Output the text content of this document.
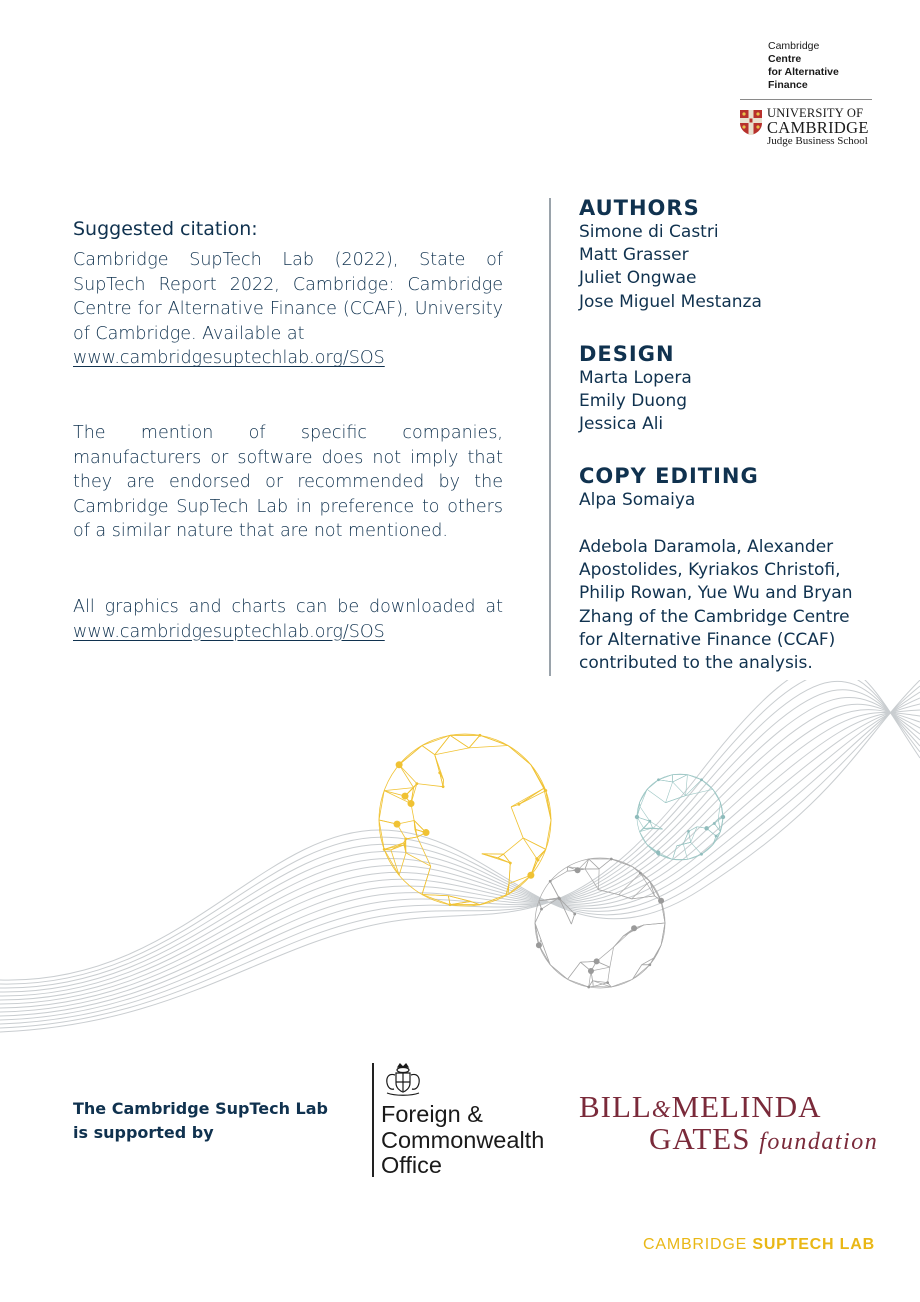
Cambridge
Centre
for Alternative
Finance
UNIVERSITY OF
CAMBRIDGE
Judge Business School
Suggested citation:
Cambridge SupTech Lab (2022), State of SupTech Report 2022, Cambridge: Cambridge Centre for Alternative Finance (CCAF), University of Cambridge. Available at
www.cambridgesuptechlab.org/SOS
The mention of specific companies, manufacturers or software does not imply that they are endorsed or recommended by the Cambridge SupTech Lab in preference to others of a similar nature that are not mentioned.
All graphics and charts can be downloaded at www.cambridgesuptechlab.org/SOS
AUTHORS
Simone di Castri
Matt Grasser
Juliet Ongwae
Jose Miguel Mestanza
DESIGN
Marta Lopera
Emily Duong
Jessica Ali
COPY EDITING
Alpa Somaiya
Adebola Daramola, Alexander Apostolides, Kyriakos Christofi, Philip Rowan, Yue Wu and Bryan Zhang of the Cambridge Centre for Alternative Finance (CCAF) contributed to the analysis.
The Cambridge SupTech Lab
is supported by
Foreign &
Commonwealth
Office
BILL&MELINDA
GATES foundation
CAMBRIDGE SUPTECH LAB
